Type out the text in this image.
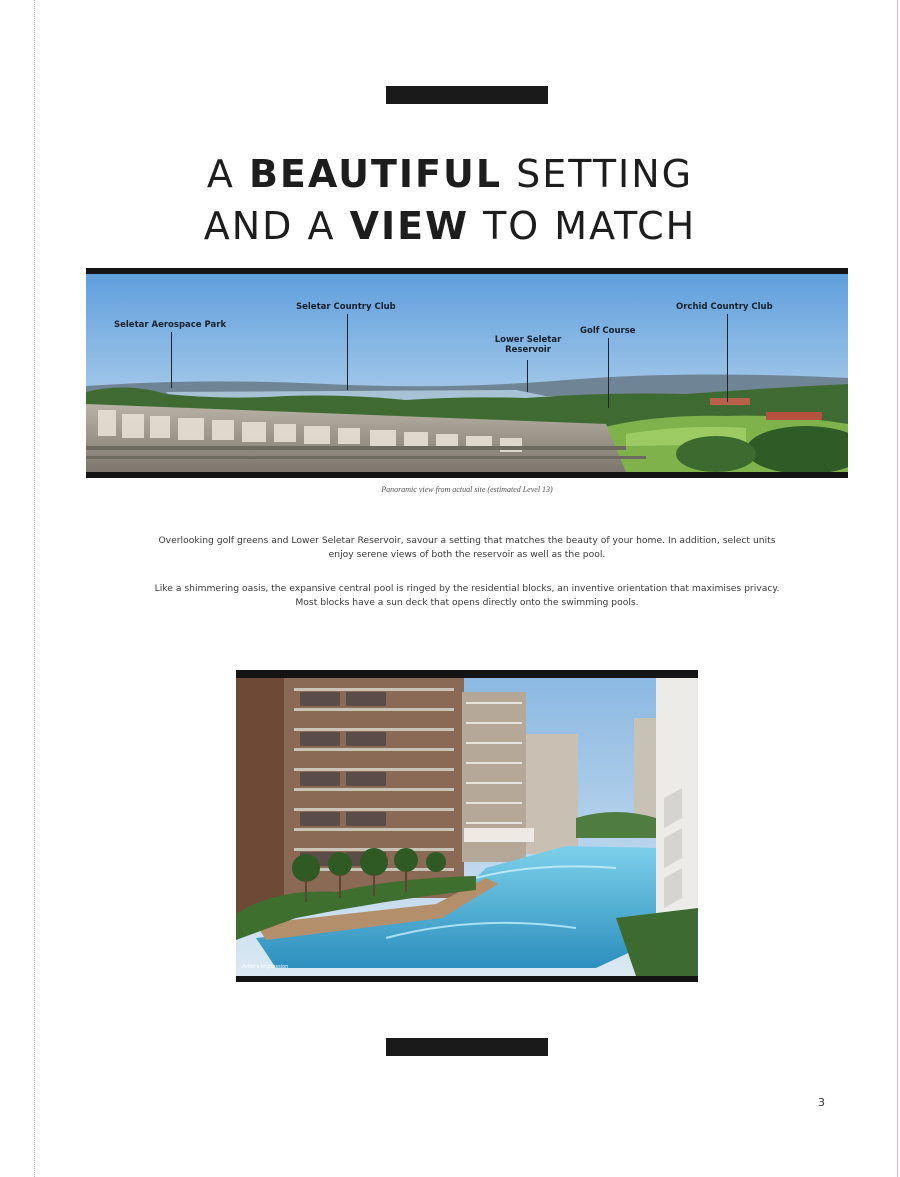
A BEAUTIFUL SETTING
AND A VIEW TO MATCH
Seletar Aerospace Park
Seletar Country Club
Lower Seletar Reservoir
Golf Course
Orchid Country Club

Panoramic view from actual site (estimated Level 13)

Overlooking golf greens and Lower Seletar Reservoir, savour a setting that matches the beauty of your home. In addition, select units enjoy serene views of both the reservoir as well as the pool.

Like a shimmering oasis, the expansive central pool is ringed by the residential blocks, an inventive orientation that maximises privacy. Most blocks have a sun deck that opens directly onto the swimming pools.

Artist's Impression
3
